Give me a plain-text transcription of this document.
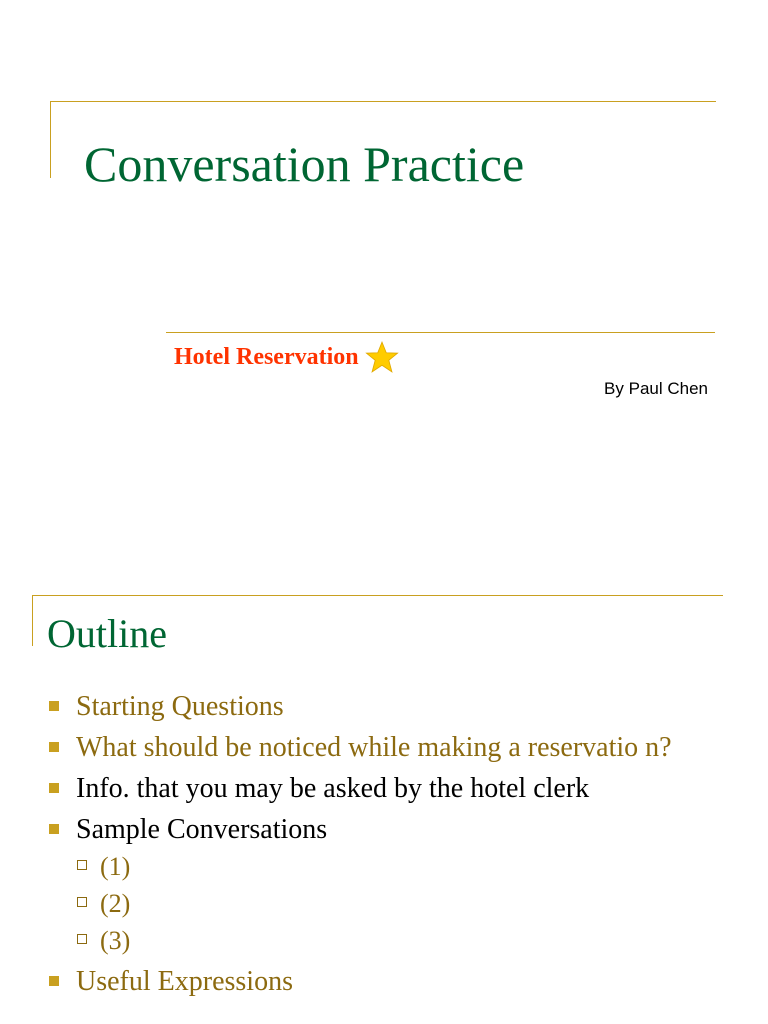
Conversation Practice
Hotel Reservation
By Paul Chen
Outline
Starting Questions
What should be noticed while making a reservatio n?
Info. that you may be asked by the hotel clerk
Sample Conversations
(1)
(2)
(3)
Useful Expressions
